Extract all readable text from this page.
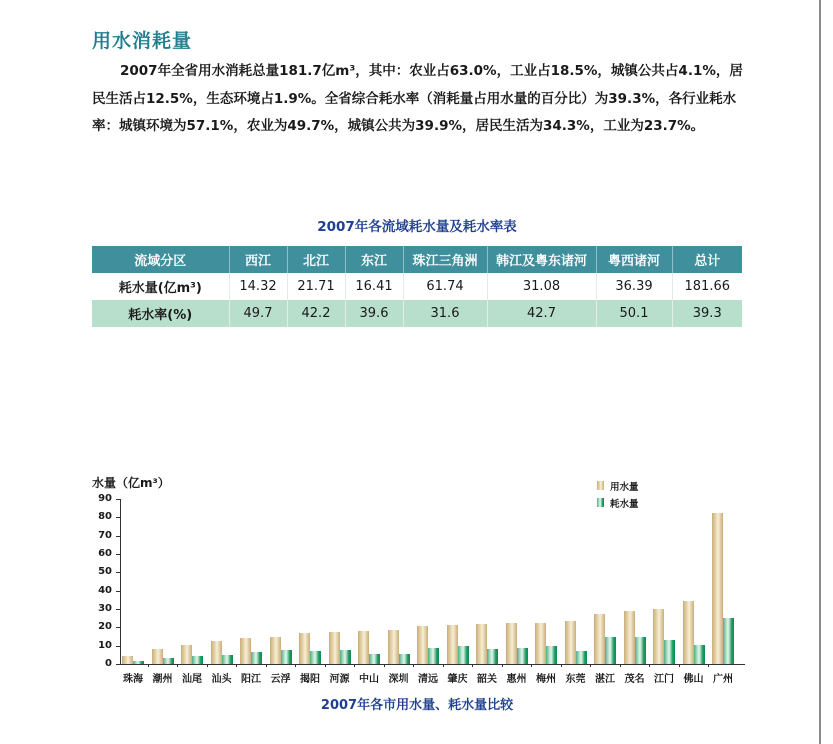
用水消耗量
2007年全省用水消耗总量181.7亿m³，其中：农业占63.0%，工业占18.5%，城镇公共占4.1%，居民生活占12.5%，生态环境占1.9%。全省综合耗水率（消耗量占用水量的百分比）为39.3%，各行业耗水率：城镇环境为57.1%，农业为49.7%，城镇公共为39.9%，居民生活为34.3%，工业为23.7%。
2007年各流域耗水量及耗水率表
流域分区	西江	北江	东江	珠江三角洲	韩江及粤东诸河	粤西诸河	总计
耗水量(亿m³)	14.32	21.71	16.41	61.74	31.08	36.39	181.66
耗水率(%)	49.7	42.2	39.6	31.6	42.7	50.1	39.3
水量（亿m³）	用水量
耗水量
2007年各市用水量、耗水量比较
0
10
20
30
40
50
60
70
80
90
珠海 潮州 汕尾 汕头 阳江 云浮 揭阳 河源 中山 深圳 清远 肇庆 韶关 惠州 梅州 东莞 湛江 茂名 江门 佛山 广州
